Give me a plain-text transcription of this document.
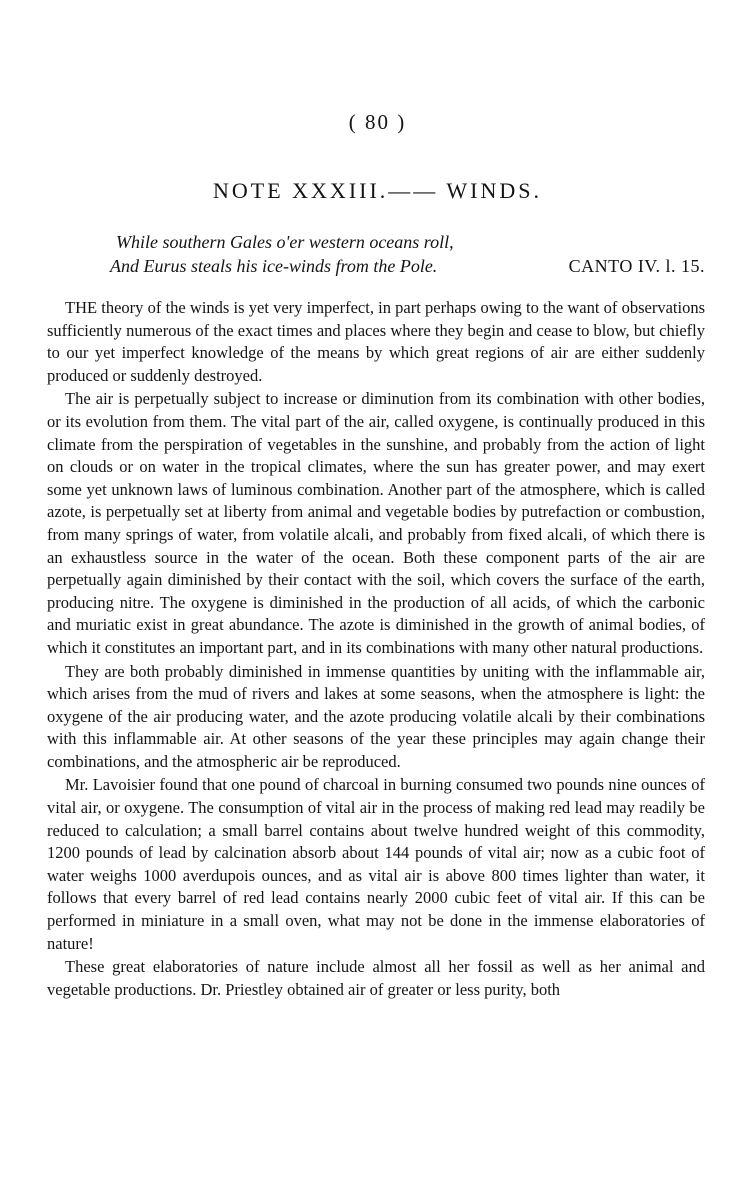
( 80 )
NOTE XXXIII.—— WINDS.
While southern Gales o'er western oceans roll,
And Eurus steals his ice-winds from the Pole.	CANTO IV. l. 15.

THE theory of the winds is yet very imperfect, in part perhaps owing to the want of observations sufficiently numerous of the exact times and places where they begin and cease to blow, but chiefly to our yet imperfect knowledge of the means by which great regions of air are either suddenly produced or suddenly destroyed.

The air is perpetually subject to increase or diminution from its combination with other bodies, or its evolution from them. The vital part of the air, called oxygene, is continually produced in this climate from the perspiration of vegetables in the sunshine, and probably from the action of light on clouds or on water in the tropical climates, where the sun has greater power, and may exert some yet unknown laws of luminous combination. Another part of the atmosphere, which is called azote, is perpetually set at liberty from animal and vegetable bodies by putrefaction or combustion, from many springs of water, from volatile alcali, and probably from fixed alcali, of which there is an exhaustless source in the water of the ocean. Both these component parts of the air are perpetually again diminished by their contact with the soil, which covers the surface of the earth, producing nitre. The oxygene is diminished in the production of all acids, of which the carbonic and muriatic exist in great abundance. The azote is diminished in the growth of animal bodies, of which it constitutes an important part, and in its combinations with many other natural productions.

They are both probably diminished in immense quantities by uniting with the inflammable air, which arises from the mud of rivers and lakes at some seasons, when the atmosphere is light: the oxygene of the air producing water, and the azote producing volatile alcali by their combinations with this inflammable air. At other seasons of the year these principles may again change their combinations, and the atmospheric air be reproduced.

Mr. Lavoisier found that one pound of charcoal in burning consumed two pounds nine ounces of vital air, or oxygene. The consumption of vital air in the process of making red lead may readily be reduced to calculation; a small barrel contains about twelve hundred weight of this commodity, 1200 pounds of lead by calcination absorb about 144 pounds of vital air; now as a cubic foot of water weighs 1000 averdupois ounces, and as vital air is above 800 times lighter than water, it follows that every barrel of red lead contains nearly 2000 cubic feet of vital air. If this can be performed in miniature in a small oven, what may not be done in the immense elaboratories of nature!

These great elaboratories of nature include almost all her fossil as well as her animal and vegetable productions. Dr. Priestley obtained air of greater or less purity, both
